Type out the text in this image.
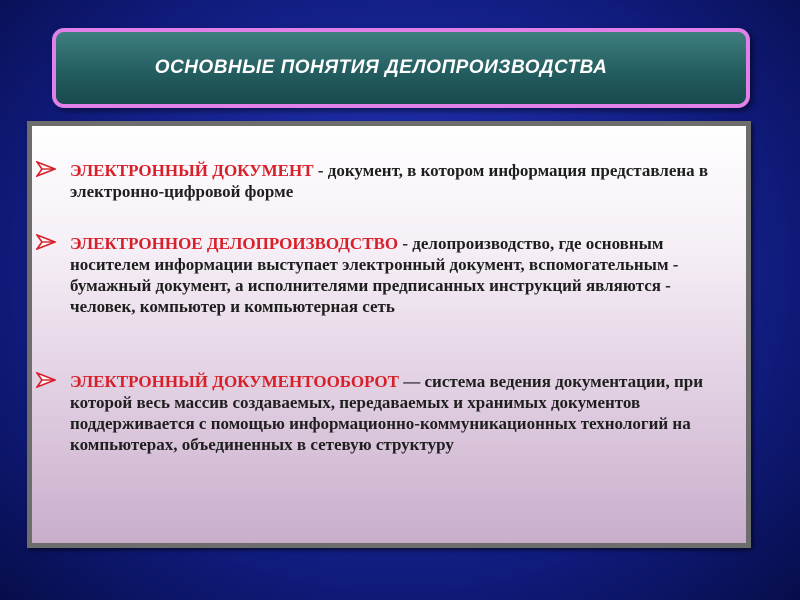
ОСНОВНЫЕ ПОНЯТИЯ ДЕЛОПРОИЗВОДСТВА
ЭЛЕКТРОННЫЙ ДОКУМЕНТ - документ, в котором информация представлена в электронно-цифровой форме
ЭЛЕКТРОННОЕ ДЕЛОПРОИЗВОДСТВО - делопроизводство, где основным носителем информации выступает электронный документ, вспомогательным - бумажный документ, а исполнителями предписанных инструкций являются - человек, компьютер и компьютерная сеть
ЭЛЕКТРОННЫЙ ДОКУМЕНТООБОРОТ — система ведения документации, при которой весь массив создаваемых, передаваемых и хранимых документов поддерживается с помощью информационно-коммуникационных технологий на компьютерах, объединенных в сетевую структуру
